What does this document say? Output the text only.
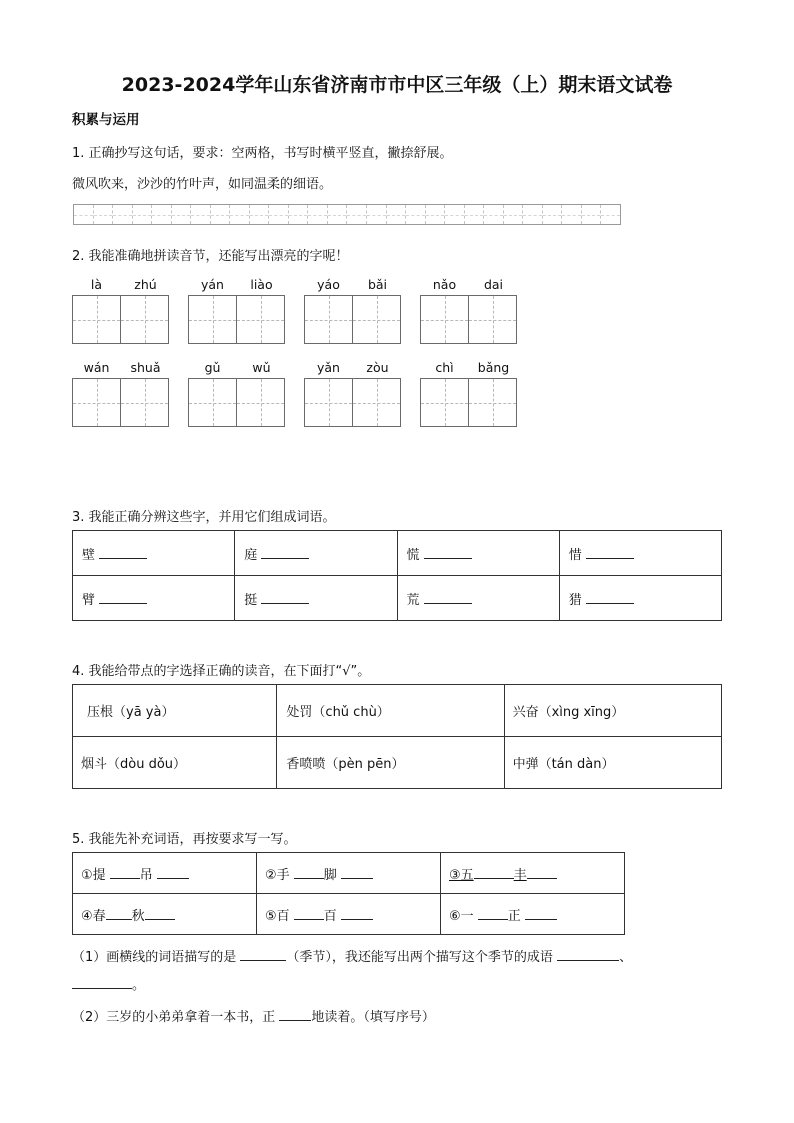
2023-2024学年山东省济南市市中区三年级（上）期末语文试卷
积累与运用
1. 正确抄写这句话，要求：空两格，书写时横平竖直，撇捺舒展。
微风吹来，沙沙的竹叶声，如同温柔的细语。
2. 我能准确地拼读音节，还能写出漂亮的字呢！
là	zhú	yán	liào	yáo	bǎi	nǎo	dai
wán	shuǎ	gǔ	wǔ	yǎn	zòu	chì	bǎng
3. 我能正确分辨这些字，并用它们组成词语。
壁	庭	慌	惜
臂	挺	荒	猎
4. 我能给带点的字选择正确的读音，在下面打“√”。
压根（yā yà）	处罚（chǔ chù）	兴奋（xìng xīng）
烟斗（dòu dǒu）	香喷喷（pèn pēn）	中弹（tán dàn）
5. 我能先补充词语，再按要求写一写。
①提 吊	②手 脚	③五 丰
④春 秋	⑤百 百	⑥一 正
（1）画横线的词语描写的是	（季节），我还能写出两个描写这个季节的成语	、
。
（2）三岁的小弟弟拿着一本书，正	地读着。（填写序号）
